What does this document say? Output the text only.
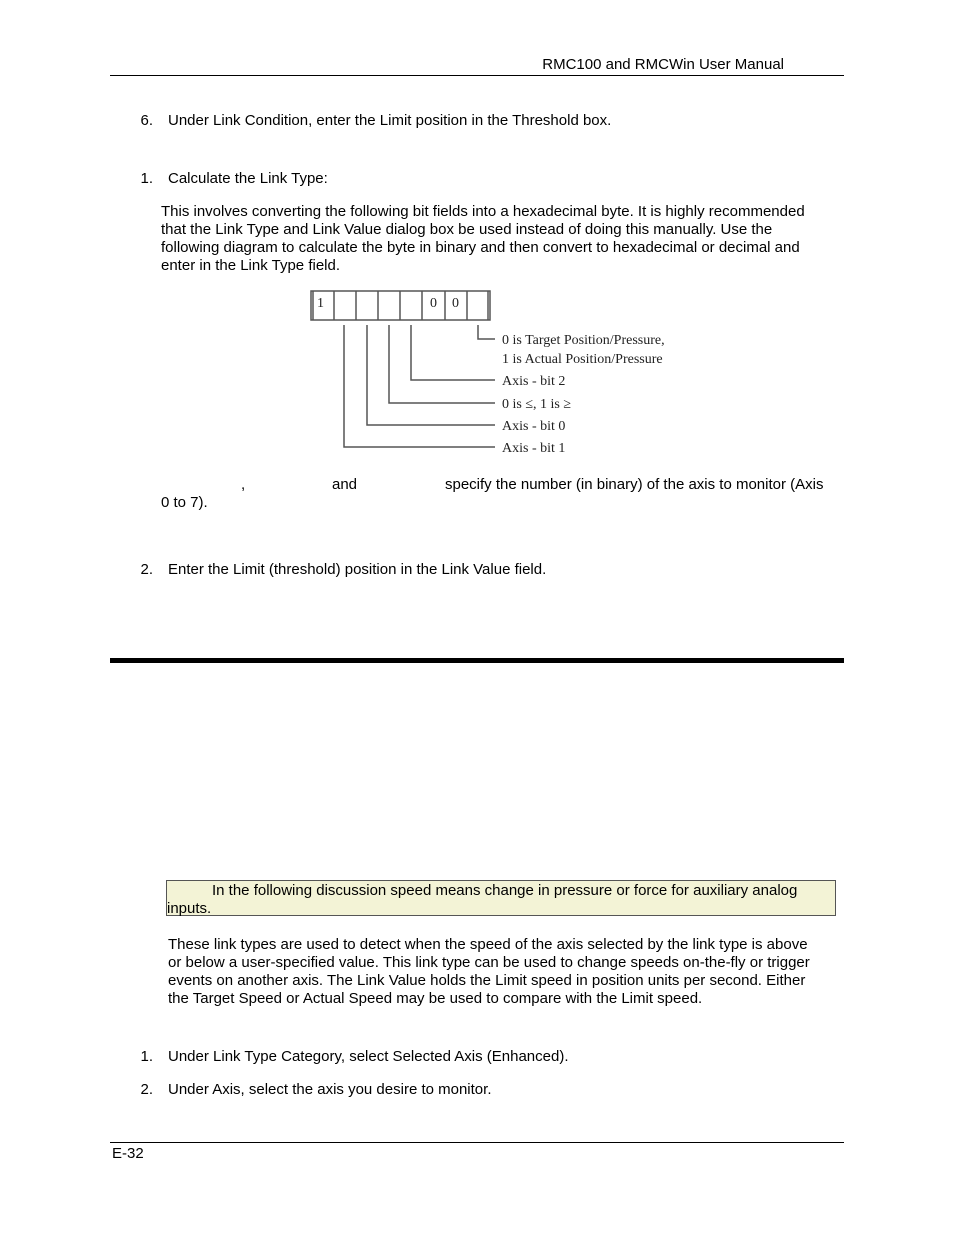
RMC100 and RMCWin User Manual
6. Under Link Condition, enter the Limit position in the Threshold box.
1. Calculate the Link Type:
This involves converting the following bit fields into a hexadecimal byte. It is highly recommended
that the Link Type and Link Value dialog box be used instead of doing this manually. Use the
following diagram to calculate the byte in binary and then convert to hexadecimal or decimal and
enter in the Link Type field.
1	0 0
0 is Target Position/Pressure,
1 is Actual Position/Pressure
Axis - bit 2
0 is ≤, 1 is ≥
Axis - bit 0
Axis - bit 1
,	and	specify the number (in binary) of the axis to monitor (Axis
0 to 7).
2. Enter the Limit (threshold) position in the Link Value field.
In the following discussion speed means change in pressure or force for auxiliary analog
inputs.
These link types are used to detect when the speed of the axis selected by the link type is above
or below a user-specified value. This link type can be used to change speeds on-the-fly or trigger
events on another axis. The Link Value holds the Limit speed in position units per second. Either
the Target Speed or Actual Speed may be used to compare with the Limit speed.
1. Under Link Type Category, select Selected Axis (Enhanced).
2. Under Axis, select the axis you desire to monitor.
E-32
